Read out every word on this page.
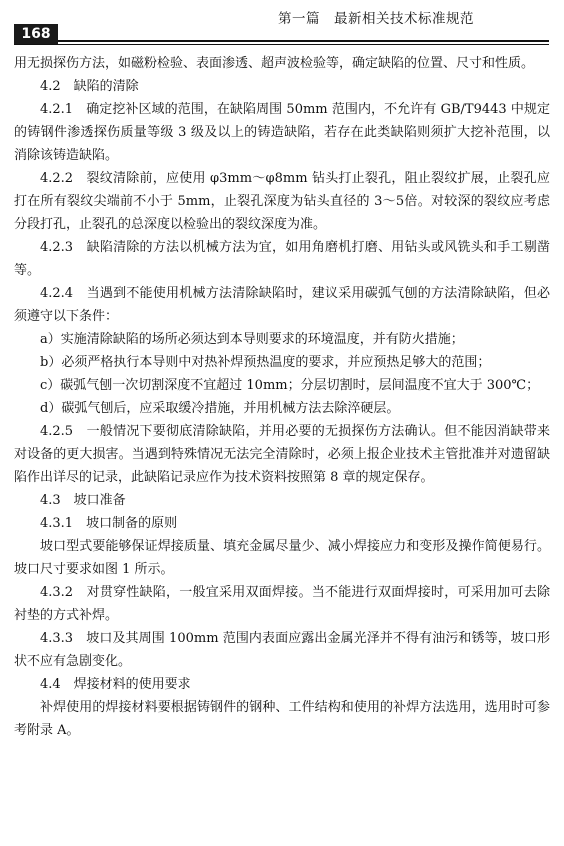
第一篇　最新相关技术标准规范
168

用无损探伤方法，如磁粉检验、表面渗透、超声波检验等，确定缺陷的位置、尺寸和性质。

4.2　缺陷的清除

4.2.1　确定挖补区域的范围，在缺陷周围 50mm 范围内，不允许有 GB/T9443 中规定的铸钢件渗透探伤质量等级 3 级及以上的铸造缺陷，若存在此类缺陷则须扩大挖补范围，以消除该铸造缺陷。

4.2.2　裂纹清除前，应使用 φ3mm～φ8mm 钻头打止裂孔，阻止裂纹扩展，止裂孔应打在所有裂纹尖端前不小于 5mm，止裂孔深度为钻头直径的 3～5倍。对较深的裂纹应考虑分段打孔，止裂孔的总深度以检验出的裂纹深度为准。

4.2.3　缺陷清除的方法以机械方法为宜，如用角磨机打磨、用钻头或风铣头和手工剔凿等。

4.2.4　当遇到不能使用机械方法清除缺陷时，建议采用碳弧气刨的方法清除缺陷，但必须遵守以下条件：

a）实施清除缺陷的场所必须达到本导则要求的环境温度，并有防火措施；

b）必须严格执行本导则中对热补焊预热温度的要求，并应预热足够大的范围；

c）碳弧气刨一次切割深度不宜超过 10mm；分层切割时，层间温度不宜大于 300℃；

d）碳弧气刨后，应采取缓冷措施，并用机械方法去除淬硬层。

4.2.5　一般情况下要彻底清除缺陷，并用必要的无损探伤方法确认。但不能因消缺带来对设备的更大损害。当遇到特殊情况无法完全清除时，必须上报企业技术主管批准并对遗留缺陷作出详尽的记录，此缺陷记录应作为技术资料按照第 8 章的规定保存。

4.3　坡口准备

4.3.1　坡口制备的原则

坡口型式要能够保证焊接质量、填充金属尽量少、减小焊接应力和变形及操作简便易行。坡口尺寸要求如图 1 所示。

4.3.2　对贯穿性缺陷，一般宜采用双面焊接。当不能进行双面焊接时，可采用加可去除衬垫的方式补焊。

4.3.3　坡口及其周围 100mm 范围内表面应露出金属光泽并不得有油污和锈等，坡口形状不应有急剧变化。

4.4　焊接材料的使用要求

补焊使用的焊接材料要根据铸钢件的钢种、工件结构和使用的补焊方法选用，选用时可参考附录 A。
